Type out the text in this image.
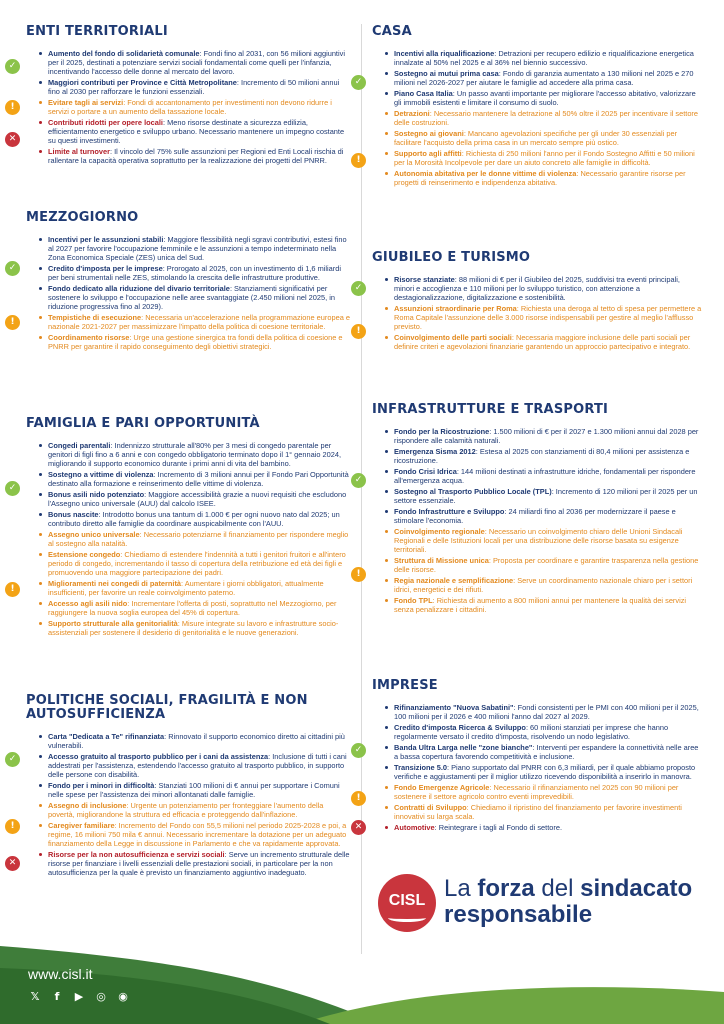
ENTI TERRITORIALI
✓
Aumento del fondo di solidarietà comunale: Fondi fino al 2031, con 56 milioni aggiuntivi per il 2025, destinati a potenziare servizi sociali fondamentali come quelli per l'infanzia, incentivando l'accesso delle donne al mercato del lavoro.
Maggiori contributi per Province e Città Metropolitane: Incremento di 50 milioni annui fino al 2030 per rafforzare le funzioni essenziali.
!	Evitare tagli ai servizi: Fondi di accantonamento per investimenti non devono ridurre i servizi o portare a un aumento della tassazione locale.
✕
Contributi ridotti per opere locali: Meno risorse destinate a sicurezza edilizia, efficientamento energetico e sviluppo urbano. Necessario mantenere un impegno costante su questi investimenti.
Limite al turnover: Il vincolo del 75% sulle assunzioni per Regioni ed Enti Locali rischia di rallentare la capacità operativa soprattutto per la realizzazione dei progetti del PNRR.
MEZZOGIORNO
✓
Incentivi per le assunzioni stabili: Maggiore flessibilità negli sgravi contributivi, estesi fino al 2027 per favorire l'occupazione femminile e le assunzioni a tempo indeterminato nella Zona Economica Speciale (ZES) unica del Sud.
Credito d'imposta per le imprese: Prorogato al 2025, con un investimento di 1,6 miliardi per beni strumentali nelle ZES, stimolando la crescita delle infrastrutture produttive.
Fondo dedicato alla riduzione del divario territoriale: Stanziamenti significativi per sostenere lo sviluppo e l'occupazione nelle aree svantaggiate (2.450 milioni nel 2025, in riduzione progressiva fino al 2029).
!	Tempistiche di esecuzione: Necessaria un'accelerazione nella programmazione europea e nazionale 2021-2027 per massimizzare l'impatto della politica di coesione territoriale.
Coordinamento risorse: Urge una gestione sinergica tra fondi della politica di coesione e PNRR per garantire il rapido conseguimento degli obiettivi strategici.
FAMIGLIA E PARI OPPORTUNITÀ
✓
Congedi parentali: Indennizzo strutturale all'80% per 3 mesi di congedo parentale per genitori di figli fino a 6 anni e con congedo obbligatorio terminato dopo il 1° gennaio 2024, migliorando il supporto economico durante i primi anni di vita del bambino.
Sostegno a vittime di violenza: Incremento di 3 milioni annui per il Fondo Pari Opportunità destinato alla formazione e reinserimento delle vittime di violenza.
Bonus asili nido potenziato: Maggiore accessibilità grazie a nuovi requisiti che escludono l'Assegno unico universale (AUU) dal calcolo ISEE.
Bonus nascite: Introdotto bonus una tantum di 1.000 € per ogni nuovo nato dal 2025; un contributo diretto alle famiglie da coordinare auspicabilmente con l'AUU.
!
Assegno unico universale: Necessario potenziarne il finanziamento per rispondere meglio al sostegno alla natalità.
Estensione congedo: Chiediamo di estendere l'indennità a tutti i genitori fruitori e all'intero periodo di congedo, incrementando il tasso di copertura della retribuzione ed età dei figli e promuovendo una maggiore partecipazione dei padri.
Miglioramenti nei congedi di paternità: Aumentare i giorni obbligatori, attualmente insufficienti, per favorire un reale coinvolgimento paterno.
Accesso agli asili nido: Incrementare l'offerta di posti, soprattutto nel Mezzogiorno, per raggiungere la nuova soglia europea del 45% di copertura.
Supporto strutturale alla genitorialità: Misure integrate su lavoro e infrastrutture socio-assistenziali per sostenere il desiderio di genitorialità e le nuove generazioni.
POLITICHE SOCIALI, FRAGILITÀ E NON AUTOSUFFICIENZA
✓
Carta "Dedicata a Te" rifinanziata: Rinnovato il supporto economico diretto ai cittadini più vulnerabili.
Accesso gratuito al trasporto pubblico per i cani da assistenza: Inclusione di tutti i cani addestrati per l'assistenza, estendendo l'accesso gratuito al trasporto pubblico, in supporto delle persone con disabilità.
Fondo per i minori in difficoltà: Stanziati 100 milioni di € annui per supportare i Comuni nelle spese per l'assistenza dei minori allontanati dalle famiglie.
!
Assegno di inclusione: Urgente un potenziamento per fronteggiare l'aumento della povertà, migliorandone la struttura ed efficacia e proteggendo dall'inflazione.
Caregiver familiare: Incremento del Fondo con 55,5 milioni nel periodo 2025-2028 e poi, a regime, 16 milioni 750 mila € annui. Necessario incrementare la dotazione per un adeguato finanziamento della Legge in discussione in Parlamento e che va rapidamente approvata.
✕
Risorse per la non autosufficienza e servizi sociali: Serve un incremento strutturale delle risorse per finanziare i livelli essenziali delle prestazioni sociali, in particolare per la non autosufficienza per la quale è previsto un finanziamento aggiuntivo inadeguato.
CASA
✓
Incentivi alla riqualificazione: Detrazioni per recupero edilizio e riqualificazione energetica innalzate al 50% nel 2025 e al 36% nel biennio successivo.
Sostegno ai mutui prima casa: Fondo di garanzia aumentato a 130 milioni nel 2025 e 270 milioni nel 2026-2027 per aiutare le famiglie ad accedere alla prima casa.
Piano Casa Italia: Un passo avanti importante per migliorare l'accesso abitativo, valorizzare gli immobili esistenti e limitare il consumo di suolo.
!
Detrazioni: Necessario mantenere la detrazione al 50% oltre il 2025 per incentivare il settore delle costruzioni.
Sostegno ai giovani: Mancano agevolazioni specifiche per gli under 30 essenziali per facilitare l'acquisto della prima casa in un mercato sempre più ostico.
Supporto agli affitti: Richiesta di 250 milioni l'anno per il Fondo Sostegno Affitti e 50 milioni per la Morosità Incolpevole per dare un aiuto concreto alle famiglie in difficoltà.
Autonomia abitativa per le donne vittime di violenza: Necessario garantire risorse per progetti di reinserimento e indipendenza abitativa.
GIUBILEO E TURISMO
✓
Risorse stanziate: 88 milioni di € per il Giubileo del 2025, suddivisi tra eventi principali, minori e accoglienza e 110 milioni per lo sviluppo turistico, con attenzione a destagionalizzazione, digitalizzazione e sostenibilità.
!
Assunzioni straordinarie per Roma: Richiesta una deroga al tetto di spesa per permettere a Roma Capitale l'assunzione delle 3.000 risorse indispensabili per gestire al meglio l'afflusso previsto.
Coinvolgimento delle parti sociali: Necessaria maggiore inclusione delle parti sociali per definire criteri e agevolazioni finanziarie garantendo un approccio partecipativo e integrato.
INFRASTRUTTURE E TRASPORTI
✓
Fondo per la Ricostruzione: 1.500 milioni di € per il 2027 e 1.300 milioni annui dal 2028 per rispondere alle calamità naturali.
Emergenza Sisma 2012: Estesa al 2025 con stanziamenti di 80,4 milioni per assistenza e ricostruzione.
Fondo Crisi Idrica: 144 milioni destinati a infrastrutture idriche, fondamentali per rispondere all'emergenza acqua.
Sostegno al Trasporto Pubblico Locale (TPL): Incremento di 120 milioni per il 2025 per un settore essenziale.
Fondo Infrastrutture e Sviluppo: 24 miliardi fino al 2036 per modernizzare il paese e stimolare l'economia.
!
Coinvolgimento regionale: Necessario un coinvolgimento chiaro delle Unioni Sindacali Regionali e delle Istituzioni locali per una distribuzione delle risorse basata su esigenze territoriali.
Struttura di Missione unica: Proposta per coordinare e garantire trasparenza nella gestione delle risorse.
Regia nazionale e semplificazione: Serve un coordinamento nazionale chiaro per i settori idrici, energetici e dei rifiuti.
Fondo TPL: Richiesta di aumento a 800 milioni annui per mantenere la qualità dei servizi senza penalizzare i cittadini.
IMPRESE
✓
Rifinanziamento "Nuova Sabatini": Fondi consistenti per le PMI con 400 milioni per il 2025, 100 milioni per il 2026 e 400 milioni l'anno dal 2027 al 2029.
Credito d'imposta Ricerca & Sviluppo: 60 milioni stanziati per imprese che hanno regolarmente versato il credito d'imposta, risolvendo un nodo legislativo.
Banda Ultra Larga nelle "zone bianche": Interventi per espandere la connettività nelle aree a bassa copertura favorendo competitività e inclusione.
Transizione 5.0: Piano supportato dal PNRR con 6,3 miliardi, per il quale abbiamo proposto verifiche e aggiustamenti per il miglior utilizzo ricevendo disponibilità a inserirlo in manovra.
!
Fondo Emergenze Agricole: Necessario il rifinanziamento nel 2025 con 90 milioni per sostenere il settore agricolo contro eventi imprevedibili.
Contratti di Sviluppo: Chiediamo il ripristino del finanziamento per favorire investimenti innovativi su larga scala.
✕	Automotive: Reintegrare i tagli al Fondo di settore.
CISL La forza del sindacato
responsabile
www.cisl.it
𝕏	f	▶ ◎ ◉
